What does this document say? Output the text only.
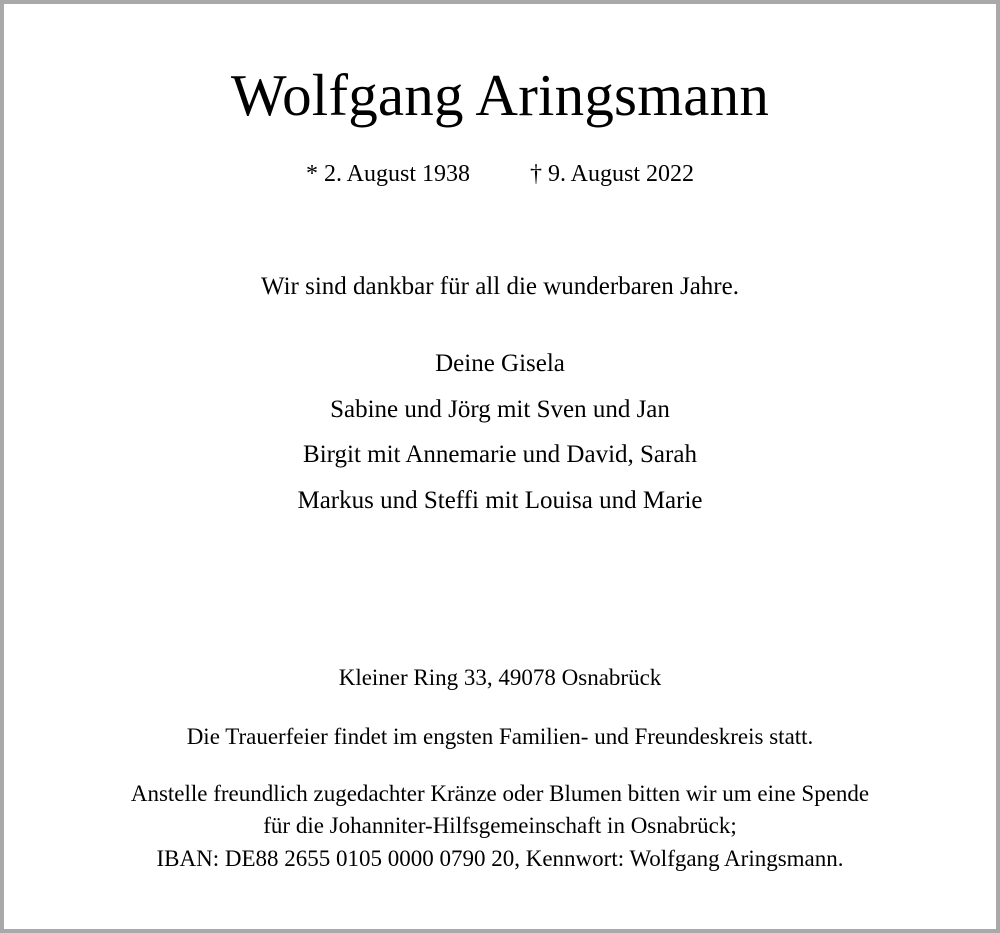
Wolfgang Aringsmann
* 2. August 1938	† 9. August 2022
Wir sind dankbar für all die wunderbaren Jahre.
Deine Gisela
Sabine und Jörg mit Sven und Jan
Birgit mit Annemarie und David, Sarah
Markus und Steffi mit Louisa und Marie
Kleiner Ring 33, 49078 Osnabrück
Die Trauerfeier findet im engsten Familien- und Freundeskreis statt.
Anstelle freundlich zugedachter Kränze oder Blumen bitten wir um eine Spende
für die Johanniter-Hilfsgemeinschaft in Osnabrück;
IBAN: DE88 2655 0105 0000 0790 20, Kennwort: Wolfgang Aringsmann.
